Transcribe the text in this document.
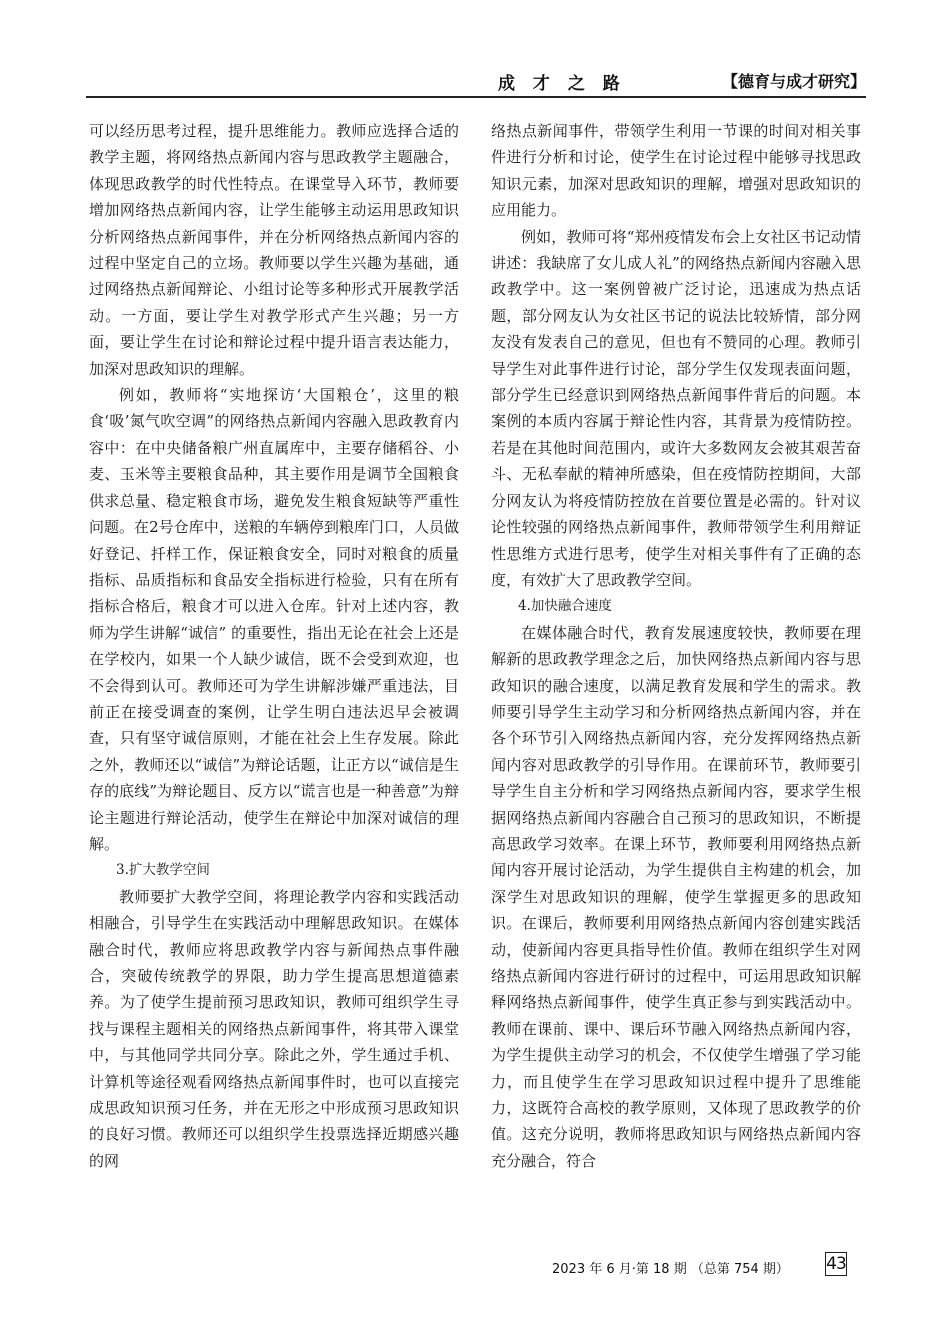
成 才 之 路	【德育与成才研究】

可以经历思考过程，提升思维能力。教师应选择合适的教学主题，将网络热点新闻内容与思政教学主题融合，体现思政教学的时代性特点。在课堂导入环节，教师要增加网络热点新闻内容，让学生能够主动运用思政知识分析网络热点新闻事件，并在分析网络热点新闻内容的过程中坚定自己的立场。教师要以学生兴趣为基础，通过网络热点新闻辩论、小组讨论等多种形式开展教学活动。一方面，要让学生对教学形式产生兴趣；另一方面，要让学生在讨论和辩论过程中提升语言表达能力，加深对思政知识的理解。

例如，教师将“实地探访‘大国粮仓’，这里的粮食‘吸’氮气吹空调”的网络热点新闻内容融入思政教育内容中：在中央储备粮广州直属库中，主要存储稻谷、小麦、玉米等主要粮食品种，其主要作用是调节全国粮食供求总量、稳定粮食市场，避免发生粮食短缺等严重性问题。在2号仓库中，送粮的车辆停到粮库门口，人员做好登记、扦样工作，保证粮食安全，同时对粮食的质量指标、品质指标和食品安全指标进行检验，只有在所有指标合格后，粮食才可以进入仓库。针对上述内容，教师为学生讲解“诚信” 的重要性，指出无论在社会上还是在学校内，如果一个人缺少诚信，既不会受到欢迎，也不会得到认可。教师还可为学生讲解涉嫌严重违法，目前正在接受调查的案例，让学生明白违法迟早会被调查，只有坚守诚信原则，才能在社会上生存发展。除此之外，教师还以“诚信”为辩论话题，让正方以“诚信是生存的底线”为辩论题目、反方以“谎言也是一种善意”为辩论主题进行辩论活动，使学生在辩论中加深对诚信的理解。

3.扩大教学空间

教师要扩大教学空间，将理论教学内容和实践活动相融合，引导学生在实践活动中理解思政知识。在媒体融合时代，教师应将思政教学内容与新闻热点事件融合，突破传统教学的界限，助力学生提高思想道德素养。为了使学生提前预习思政知识，教师可组织学生寻找与课程主题相关的网络热点新闻事件，将其带入课堂中，与其他同学共同分享。除此之外，学生通过手机、计算机等途径观看网络热点新闻事件时，也可以直接完成思政知识预习任务，并在无形之中形成预习思政知识的良好习惯。教师还可以组织学生投票选择近期感兴趣的网

络热点新闻事件，带领学生利用一节课的时间对相关事件进行分析和讨论，使学生在讨论过程中能够寻找思政知识元素，加深对思政知识的理解，增强对思政知识的应用能力。

例如，教师可将“郑州疫情发布会上女社区书记动情讲述：我缺席了女儿成人礼”的网络热点新闻内容融入思政教学中。这一案例曾被广泛讨论，迅速成为热点话题，部分网友认为女社区书记的说法比较矫情，部分网友没有发表自己的意见，但也有不赞同的心理。教师引导学生对此事件进行讨论，部分学生仅发现表面问题，部分学生已经意识到网络热点新闻事件背后的问题。本案例的本质内容属于辩论性内容，其背景为疫情防控。若是在其他时间范围内，或许大多数网友会被其艰苦奋斗、无私奉献的精神所感染，但在疫情防控期间，大部分网友认为将疫情防控放在首要位置是必需的。针对议论性较强的网络热点新闻事件，教师带领学生利用辩证性思维方式进行思考，使学生对相关事件有了正确的态度，有效扩大了思政教学空间。

4.加快融合速度

在媒体融合时代，教育发展速度较快，教师要在理解新的思政教学理念之后，加快网络热点新闻内容与思政知识的融合速度，以满足教育发展和学生的需求。教师要引导学生主动学习和分析网络热点新闻内容，并在各个环节引入网络热点新闻内容，充分发挥网络热点新闻内容对思政教学的引导作用。在课前环节，教师要引导学生自主分析和学习网络热点新闻内容，要求学生根据网络热点新闻内容融合自己预习的思政知识，不断提高思政学习效率。在课上环节，教师要利用网络热点新闻内容开展讨论活动，为学生提供自主构建的机会，加深学生对思政知识的理解，使学生掌握更多的思政知识。在课后，教师要利用网络热点新闻内容创建实践活动，使新闻内容更具指导性价值。教师在组织学生对网络热点新闻内容进行研讨的过程中，可运用思政知识解释网络热点新闻事件，使学生真正参与到实践活动中。教师在课前、课中、课后环节融入网络热点新闻内容，为学生提供主动学习的机会，不仅使学生增强了学习能力，而且使学生在学习思政知识过程中提升了思维能力，这既符合高校的教学原则，又体现了思政教学的价值。这充分说明，教师将思政知识与网络热点新闻内容充分融合，符合

2023 年 6 月·第 18 期 （总第 754 期） 43
